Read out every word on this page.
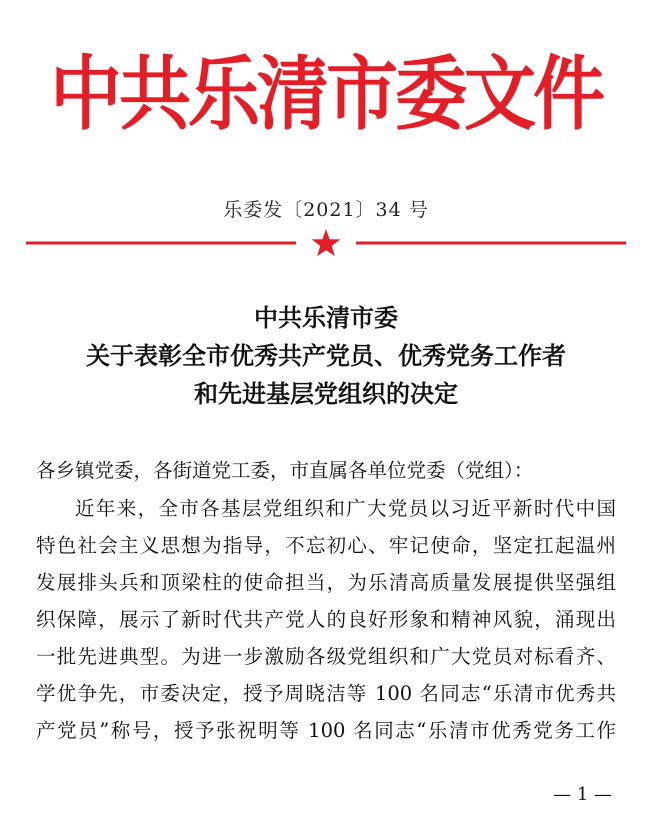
中共乐清市委文件
乐委发〔2021〕34 号
中共乐清市委
关于表彰全市优秀共产党员、优秀党务工作者
和先进基层党组织的决定
各乡镇党委，各街道党工委，市直属各单位党委（党组）：
近年来，全市各基层党组织和广大党员以习近平新时代中国
特色社会主义思想为指导，不忘初心、牢记使命，坚定扛起温州
发展排头兵和顶梁柱的使命担当，为乐清高质量发展提供坚强组
织保障，展示了新时代共产党人的良好形象和精神风貌，涌现出
一批先进典型。为进一步激励各级党组织和广大党员对标看齐、
学优争先，市委决定，授予周晓洁等 100 名同志“乐清市优秀共
产党员”称号，授予张祝明等 100 名同志“乐清市优秀党务工作
— 1 —
